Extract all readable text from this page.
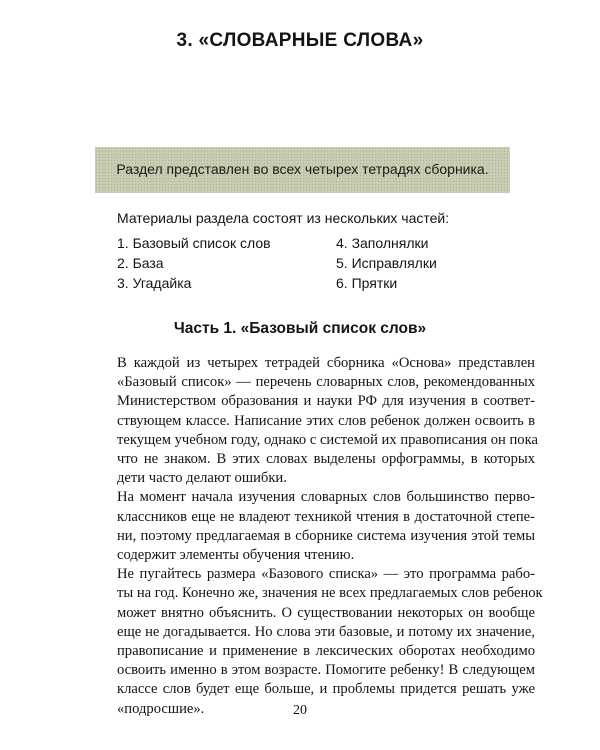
3. «СЛОВАРНЫЕ СЛОВА»
Раздел представлен во всех четырех тетрадях сборника.
Материалы раздела состоят из нескольких частей:
1. Базовый список слов
2. База
3. Угадайка
4. Заполнялки
5. Исправлялки
6. Прятки
Часть 1. «Базовый список слов»

В каждой из четырех тетрадей сборника «Основа» представлен
«Базовый список» — перечень словарных слов, рекомендованных
Министерством образования и науки РФ для изучения в соответ-
ствующем классе. Написание этих слов ребенок должен освоить в
текущем учебном году, однако с системой их правописания он пока
что не знаком. В этих словах выделены орфограммы, в которых
дети часто делают ошибки.

На момент начала изучения словарных слов большинство перво-
классников еще не владеют техникой чтения в достаточной степе-
ни, поэтому предлагаемая в сборнике система изучения этой темы
содержит элементы обучения чтению.

Не пугайтесь размера «Базового списка» — это программа рабо-
ты на год. Конечно же, значения не всех предлагаемых слов ребенок
может внятно объяснить. О существовании некоторых он вообще
еще не догадывается. Но слова эти базовые, и потому их значение,
правописание и применение в лексических оборотах необходимо
освоить именно в этом возрасте. Помогите ребенку! В следующем
классе слов будет еще больше, и проблемы придется решать уже
«подросшие».	20
